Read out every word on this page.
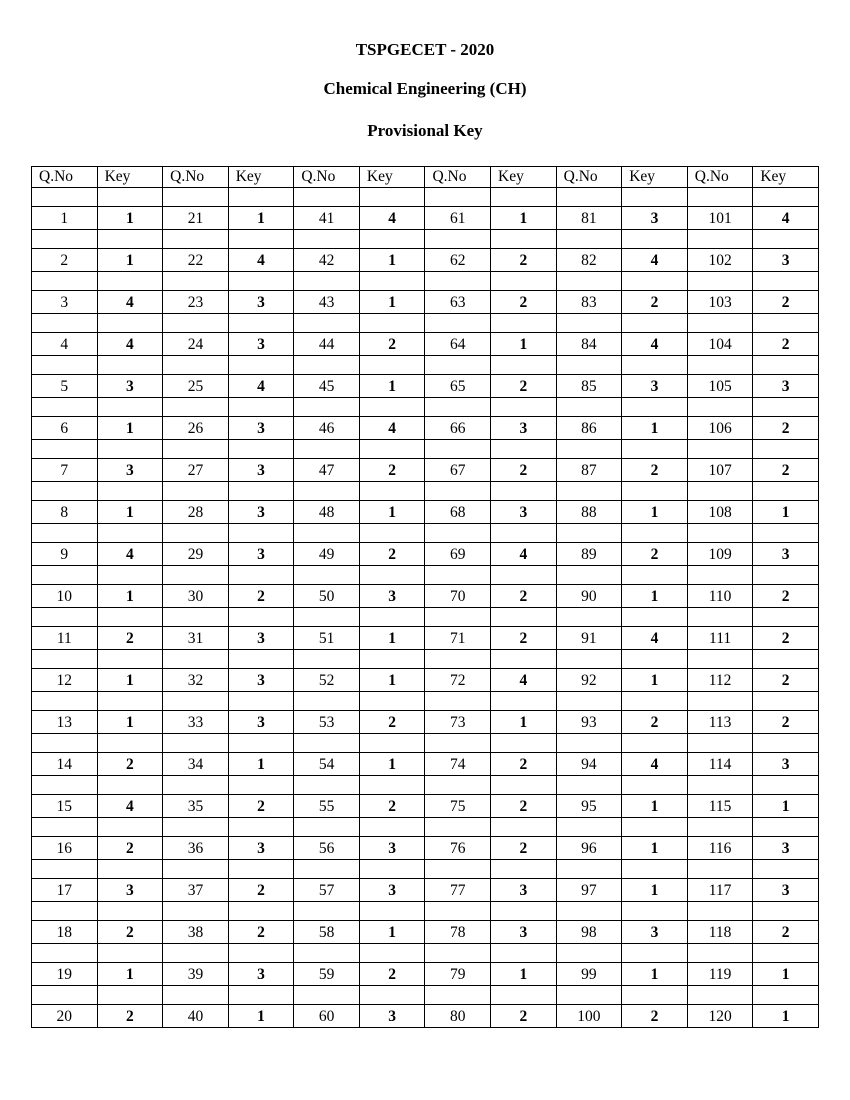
TSPGECET - 2020
Chemical Engineering (CH)
Provisional Key
Q.No	Key	Q.No	Key	Q.No	Key	Q.No	Key	Q.No	Key	Q.No	Key

1	1	21	1	41	4	61	1	81	3	101	4

2	1	22	4	42	1	62	2	82	4	102	3

3	4	23	3	43	1	63	2	83	2	103	2

4	4	24	3	44	2	64	1	84	4	104	2

5	3	25	4	45	1	65	2	85	3	105	3

6	1	26	3	46	4	66	3	86	1	106	2

7	3	27	3	47	2	67	2	87	2	107	2

8	1	28	3	48	1	68	3	88	1	108	1

9	4	29	3	49	2	69	4	89	2	109	3

10	1	30	2	50	3	70	2	90	1	110	2

11	2	31	3	51	1	71	2	91	4	111	2

12	1	32	3	52	1	72	4	92	1	112	2

13	1	33	3	53	2	73	1	93	2	113	2

14	2	34	1	54	1	74	2	94	4	114	3

15	4	35	2	55	2	75	2	95	1	115	1

16	2	36	3	56	3	76	2	96	1	116	3

17	3	37	2	57	3	77	3	97	1	117	3

18	2	38	2	58	1	78	3	98	3	118	2

19	1	39	3	59	2	79	1	99	1	119	1

20	2	40	1	60	3	80	2	100	2	120	1
